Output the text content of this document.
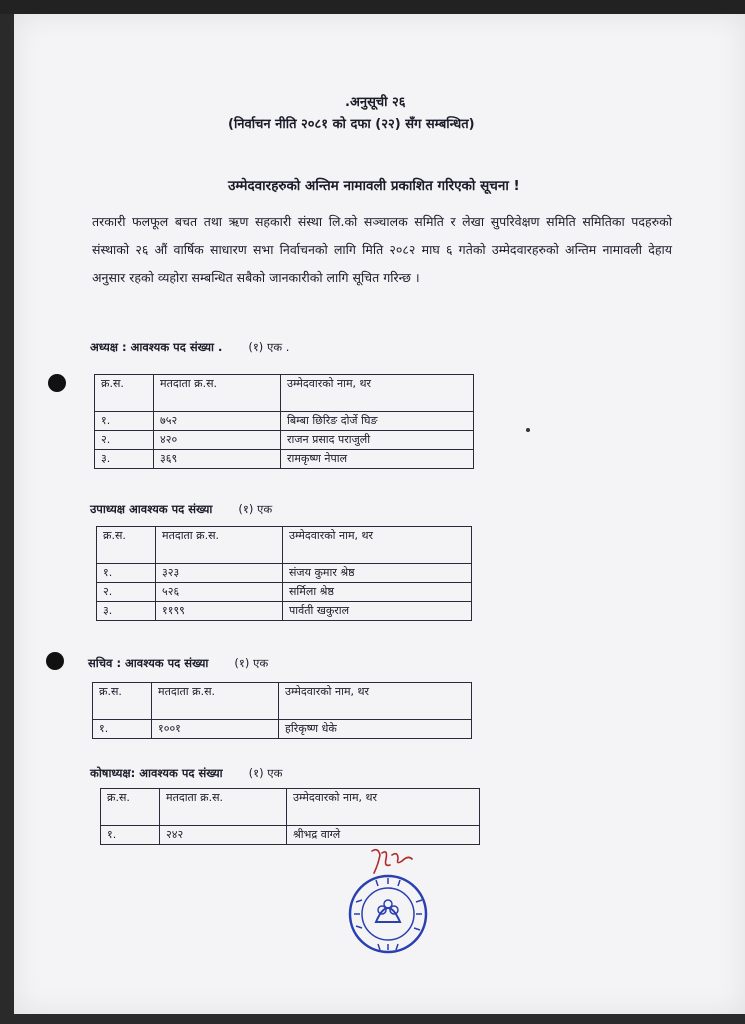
.अनुसूची २६
(निर्वाचन नीति २०८१ को दफा (२२) सँग सम्बन्धित)
उम्मेदवारहरुको अन्तिम नामावली प्रकाशित गरिएको सूचना !
तरकारी फलफूल बचत तथा ऋण सहकारी संस्था लि.को सञ्चालक समिति र लेखा सुपरिवेक्षण समिति समितिका पदहरुको संस्थाको २६ औं वार्षिक साधारण सभा निर्वाचनको लागि मिति २०८२ माघ ६ गतेको उम्मेदवारहरुको अन्तिम नामावली देहाय अनुसार रहको व्यहोरा सम्बन्धित सबैको जानकारीको लागि सूचित गरिन्छ ।
अध्यक्ष : आवश्यक पद संख्या . (१) एक .
क्र.स.	मतदाता क्र.स.	उम्मेदवारको नाम, थर
१.	७५२	बिम्बा छिरिङ दोर्जे घिङ
२.	४२०	राजन प्रसाद पराजुली
३.	३६९	रामकृष्ण नेपाल
उपाध्यक्ष आवश्यक पद संख्या (१) एक
क्र.स.	मतदाता क्र.स.	उम्मेदवारको नाम, थर
१.	३२३	संजय कुमार श्रेष्ठ
२.	५२६	सर्मिला श्रेष्ठ
३.	११९९	पार्वती खकुराल
सचिव : आवश्यक पद संख्या (१) एक
क्र.स.	मतदाता क्र.स.	उम्मेदवारको नाम, थर
१.	१००१	हरिकृष्ण धेके
कोषाध्यक्ष: आवश्यक पद संख्या (१) एक
क्र.स.	मतदाता क्र.स.	उम्मेदवारको नाम, थर
१.	२४२	श्रीभद्र वाग्ले
